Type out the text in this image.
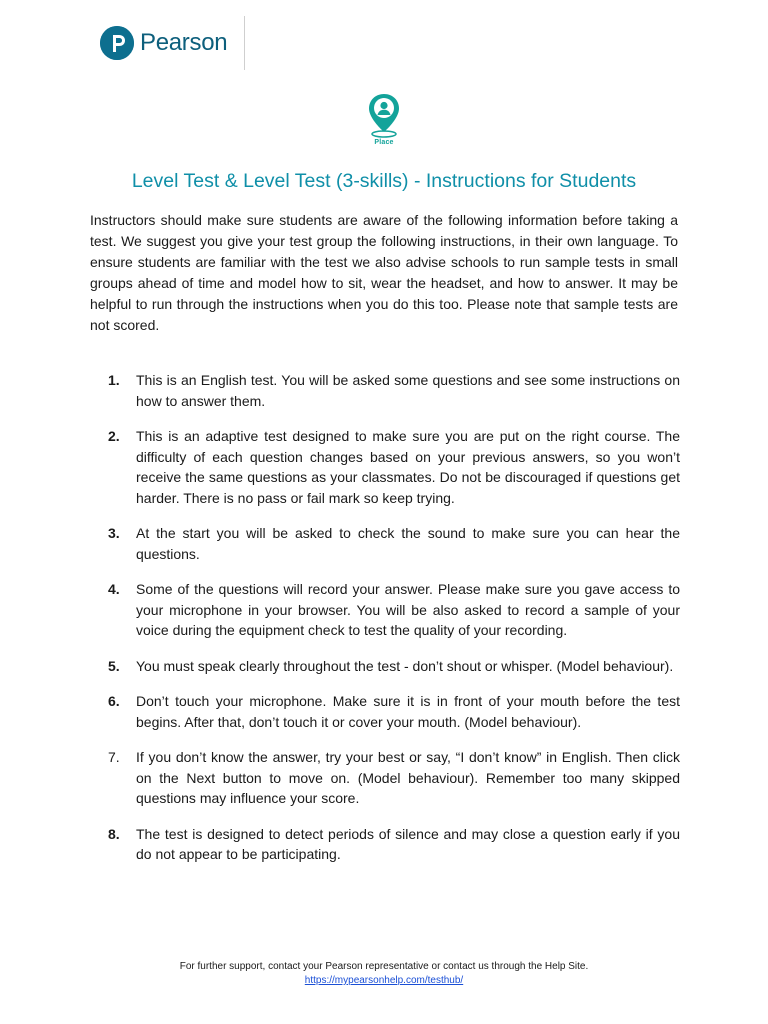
Pearson
Place
Level Test & Level Test (3-skills) - Instructions for Students

Instructors should make sure students are aware of the following information before taking a test. We suggest you give your test group the following instructions, in their own language. To ensure students are familiar with the test we also advise schools to run sample tests in small groups ahead of time and model how to sit, wear the headset, and how to answer. It may be helpful to run through the instructions when you do this too. Please note that sample tests are not scored.

1.	This is an English test. You will be asked some questions and see some instructions on how to answer them.
2.	This is an adaptive test designed to make sure you are put on the right course. The difficulty of each question changes based on your previous answers, so you won’t receive the same questions as your classmates. Do not be discouraged if questions get harder. There is no pass or fail mark so keep trying.
3.	At the start you will be asked to check the sound to make sure you can hear the questions.
4.	Some of the questions will record your answer. Please make sure you gave access to your microphone in your browser. You will be also asked to record a sample of your voice during the equipment check to test the quality of your recording.
5.	You must speak clearly throughout the test - don’t shout or whisper. (Model behaviour).
6.	Don’t touch your microphone. Make sure it is in front of your mouth before the test begins. After that, don’t touch it or cover your mouth. (Model behaviour).
7.	If you don’t know the answer, try your best or say, “I don’t know” in English. Then click on the Next button to move on. (Model behaviour). Remember too many skipped questions may influence your score.
8.	The test is designed to detect periods of silence and may close a question early if you do not appear to be participating.
For further support, contact your Pearson representative or contact us through the Help Site.
https://mypearsonhelp.com/testhub/
